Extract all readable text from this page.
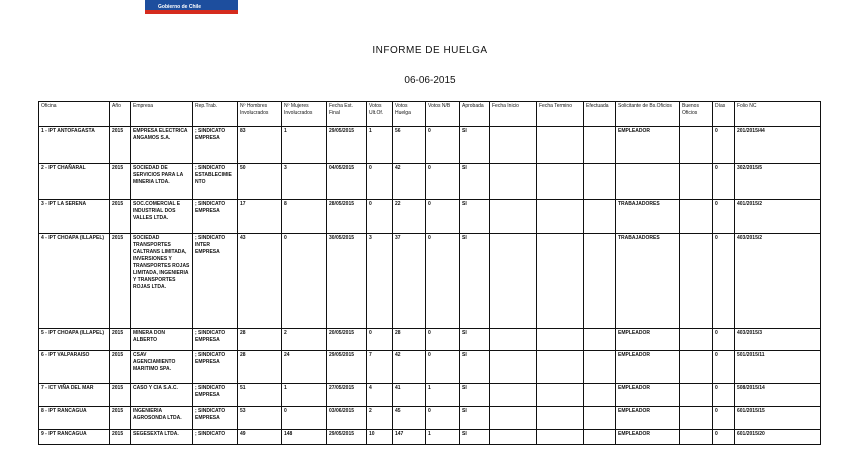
Gobierno de Chile
INFORME DE HUELGA
06-06-2015
Oficina	Año	Empresa	Rep.Trab.	Nº Hombres Involucrados	Nº Mujeres Involucrados	Fecha Est. Final	Votos Ult.Of.	Votos Huelga	Votos N/B	Aprobada	Fecha Inicio	Fecha Termino	Efectuada	Solicitante de Bs.Oficios	Buenos Oficios	Días	Folio NC
1 - IPT ANTOFAGASTA	2015	EMPRESA ELECTRICA ANGAMOS S.A.	; SINDICATO EMPRESA	83	1	29/05/2015	1	56	0	SI				EMPLEADOR		0	201/2015/44
2 - IPT CHAÑARAL	2015	SOCIEDAD DE SERVICIOS PARA LA MINERIA LTDA.	; SINDICATO ESTABLECIMIENTO	50	3	04/05/2015	0	42	0	SI						0	302/2015/5
3 - IPT LA SERENA	2015	SOC.COMERCIAL E INDUSTRIAL DOS VALLES LTDA.	; SINDICATO EMPRESA	17	8	28/05/2015	0	22	0	SI				TRABAJADORES		0	401/2015/2
4 - IPT CHOAPA (ILLAPEL)	2015	SOCIEDAD TRANSPORTES CALTRANS LIMITADA, INVERSIONES Y TRANSPORTES ROJAS LIMITADA, INGENIERIA Y TRANSPORTES ROJAS LTDA.	; SINDICATO INTER EMPRESA	43	0	30/05/2015	3	37	0	SI				TRABAJADORES		0	403/2015/2
5 - IPT CHOAPA (ILLAPEL)	2015	MINERA DON ALBERTO	; SINDICATO EMPRESA	28	2	20/05/2015	0	28	0	SI				EMPLEADOR		0	403/2015/3
6 - IPT VALPARAISO	2015	CSAV AGENCIAMIENTO MARITIMO SPA.	; SINDICATO EMPRESA	28	24	29/05/2015	7	42	0	SI				EMPLEADOR		0	501/2015/11
7 - ICT VIÑA DEL MAR	2015	CASO Y CIA S.A.C.	; SINDICATO EMPRESA	51	1	27/05/2015	4	41	1	SI				EMPLEADOR		0	508/2015/14
8 - IPT RANCAGUA	2015	INGENIERIA AGROSONDA LTDA.	; SINDICATO EMPRESA	53	0	03/06/2015	2	45	0	SI				EMPLEADOR		0	601/2015/15
9 - IPT RANCAGUA	2015	SEGESEXTA LTDA.	; SINDICATO	49	148	29/05/2015	10	147	1	SI				EMPLEADOR		0	601/2015/20
